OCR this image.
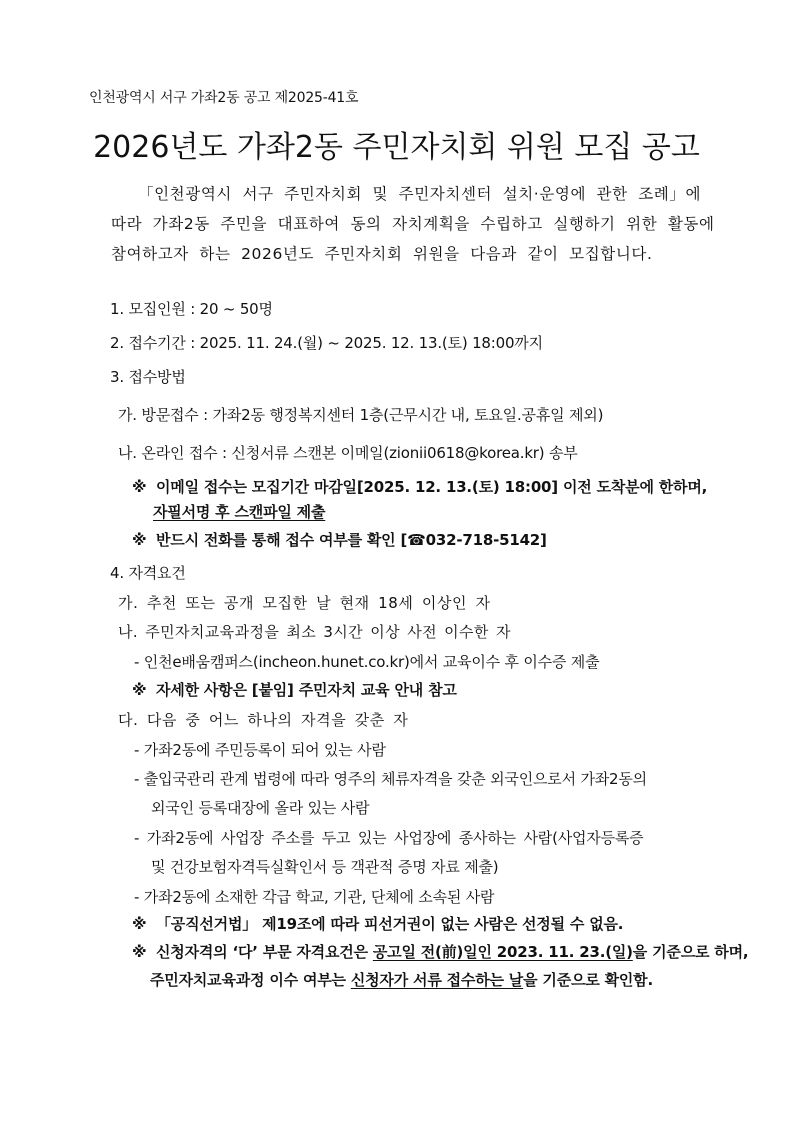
인천광역시 서구 가좌2동 공고 제2025-41호
2026년도 가좌2동 주민자치회 위원 모집 공고
「인천광역시 서구 주민자치회 및 주민자치센터 설치·운영에 관한 조례」에
따라 가좌2동 주민을 대표하여 동의 자치계획을 수립하고 실행하기 위한 활동에
참여하고자 하는 2026년도 주민자치회 위원을 다음과 같이 모집합니다.
1. 모집인원 : 20 ~ 50명
2. 접수기간 : 2025. 11. 24.(월) ~ 2025. 12. 13.(토) 18:00까지
3. 접수방법
가. 방문접수 : 가좌2동 행정복지센터 1층(근무시간 내, 토요일.공휴일 제외)
나. 온라인 접수 : 신청서류 스캔본 이메일(zionii0618@korea.kr) 송부
※ 이메일 접수는 모집기간 마감일[2025. 12. 13.(토) 18:00] 이전 도착분에 한하며,
자필서명 후 스캔파일 제출
※ 반드시 전화를 통해 접수 여부를 확인 [☎032-718-5142]
4. 자격요건
가. 추천 또는 공개 모집한 날 현재 18세 이상인 자
나. 주민자치교육과정을 최소 3시간 이상 사전 이수한 자
- 인천e배움캠퍼스(incheon.hunet.co.kr)에서 교육이수 후 이수증 제출
※ 자세한 사항은 [붙임] 주민자치 교육 안내 참고
다. 다음 중 어느 하나의 자격을 갖춘 자
- 가좌2동에 주민등록이 되어 있는 사람
- 출입국관리 관계 법령에 따라 영주의 체류자격을 갖춘 외국인으로서 가좌2동의
외국인 등록대장에 올라 있는 사람
- 가좌2동에 사업장 주소를 두고 있는 사업장에 종사하는 사람(사업자등록증
및 건강보험자격득실확인서 등 객관적 증명 자료 제출)
- 가좌2동에 소재한 각급 학교, 기관, 단체에 소속된 사람
※ 「공직선거법」 제19조에 따라 피선거권이 없는 사람은 선정될 수 없음.
※ 신청자격의 ‘다’ 부문 자격요건은 공고일 전(前)일인 2023. 11. 23.(일)을 기준으로 하며,
주민자치교육과정 이수 여부는 신청자가 서류 접수하는 날을 기준으로 확인함.
